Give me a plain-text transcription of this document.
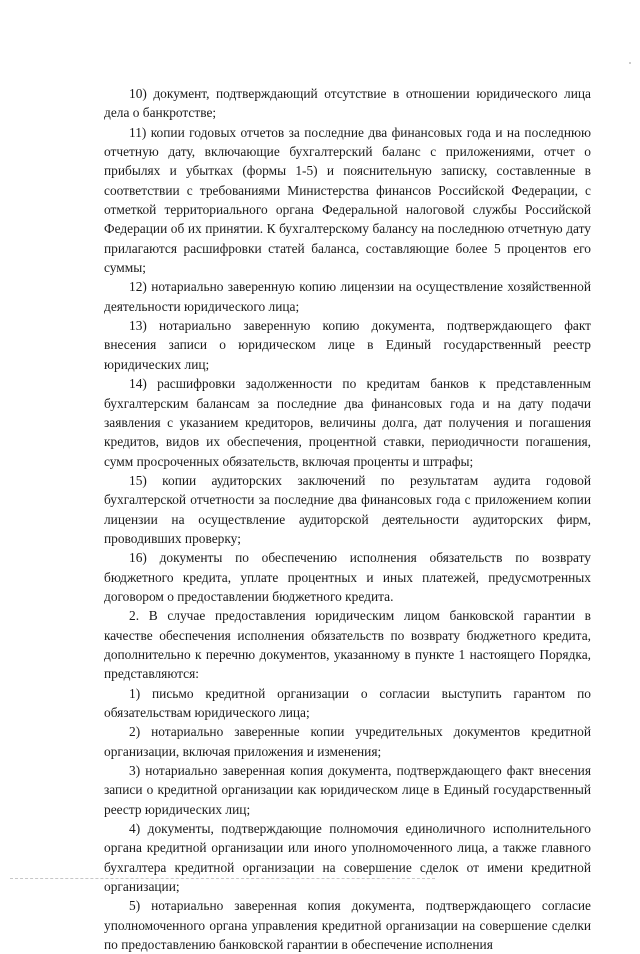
10) документ, подтверждающий отсутствие в отношении юридического лица дела о банкротстве;

11) копии годовых отчетов за последние два финансовых года и на последнюю отчетную дату, включающие бухгалтерский баланс с приложениями, отчет о прибылях и убытках (формы 1-5) и пояснительную записку, составленные в соответствии с требованиями Министерства финансов Российской Федерации, с отметкой территориального органа Федеральной налоговой службы Российской Федерации об их принятии. К бухгалтерскому балансу на последнюю отчетную дату прилагаются расшифровки статей баланса, составляющие более 5 процентов его суммы;

12) нотариально заверенную копию лицензии на осуществление хозяйственной деятельности юридического лица;

13) нотариально заверенную копию документа, подтверждающего факт внесения записи о юридическом лице в Единый государственный реестр юридических лиц;

14) расшифровки задолженности по кредитам банков к представленным бухгалтерским балансам за последние два финансовых года и на дату подачи заявления с указанием кредиторов, величины долга, дат получения и погашения кредитов, видов их обеспечения, процентной ставки, периодичности погашения, сумм просроченных обязательств, включая проценты и штрафы;

15) копии аудиторских заключений по результатам аудита годовой бухгалтерской отчетности за последние два финансовых года с приложением копии лицензии на осуществление аудиторской деятельности аудиторских фирм, проводивших проверку;

16) документы по обеспечению исполнения обязательств по возврату бюджетного кредита, уплате процентных и иных платежей, предусмотренных договором о предоставлении бюджетного кредита.

2. В случае предоставления юридическим лицом банковской гарантии в качестве обеспечения исполнения обязательств по возврату бюджетного кредита, дополнительно к перечню документов, указанному в пункте 1 настоящего Порядка, представляются:

1) письмо кредитной организации о согласии выступить гарантом по обязательствам юридического лица;

2) нотариально заверенные копии учредительных документов кредитной организации, включая приложения и изменения;

3) нотариально заверенная копия документа, подтверждающего факт внесения записи о кредитной организации как юридическом лице в Единый государственный реестр юридических лиц;

4) документы, подтверждающие полномочия единоличного исполнительного органа кредитной организации или иного уполномоченного лица, а также главного бухгалтера кредитной организации на совершение сделок от имени кредитной организации;

5) нотариально заверенная копия документа, подтверждающего согласие уполномоченного органа управления кредитной организации на совершение сделки по предоставлению банковской гарантии в обеспечение исполнения
